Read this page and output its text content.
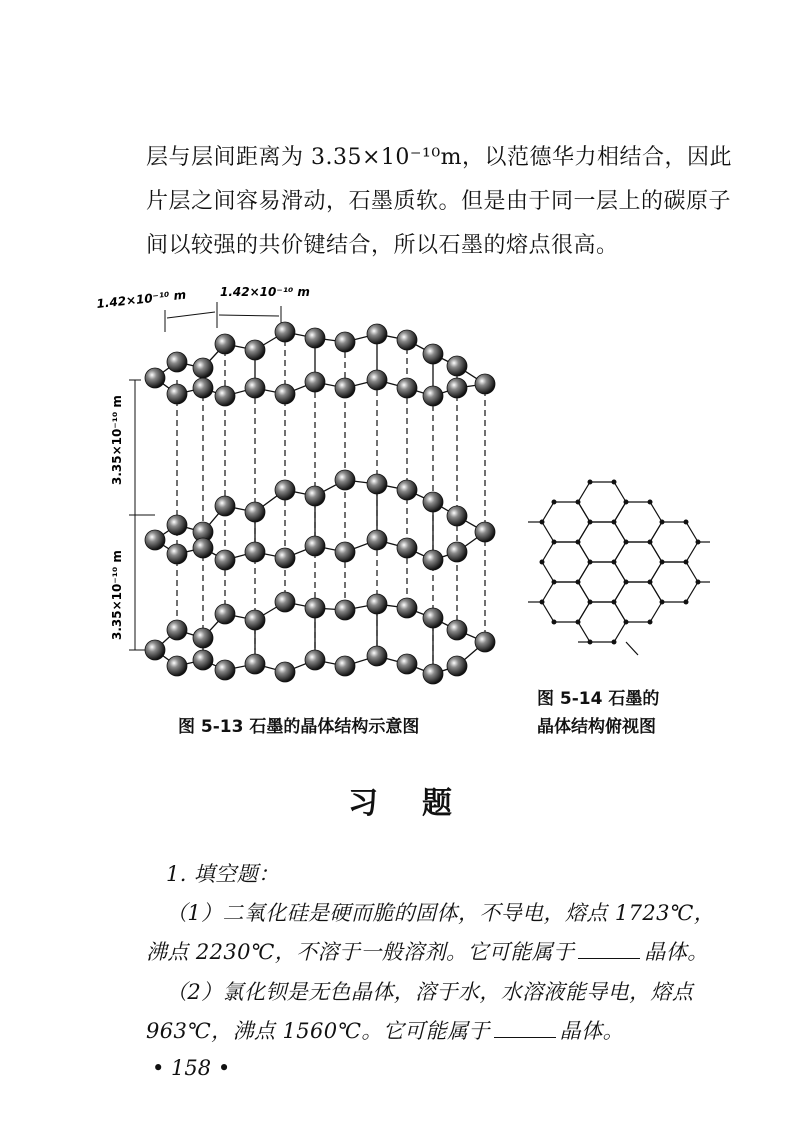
层与层间距离为 3.35×10⁻¹⁰m，以范德华力相结合，因此
片层之间容易滑动，石墨质软。但是由于同一层上的碳原子
间以较强的共价键结合，所以石墨的熔点很高。
1.42×10⁻¹⁰ m	1.42×10⁻¹⁰ m
3.35×10⁻¹⁰ m
3.35×10⁻¹⁰ m
图 5-13 石墨的晶体结构示意图
图 5-14 石墨的
晶体结构俯视图
习题
1. 填空题：
（1）二氧化硅是硬而脆的固体，不导电，熔点 1723℃，
沸点 2230℃，不溶于一般溶剂。它可能属于	晶体。
（2）氯化钡是无色晶体，溶于水，水溶液能导电，熔点
963℃，沸点 1560℃。它可能属于	晶体。
• 158 •
